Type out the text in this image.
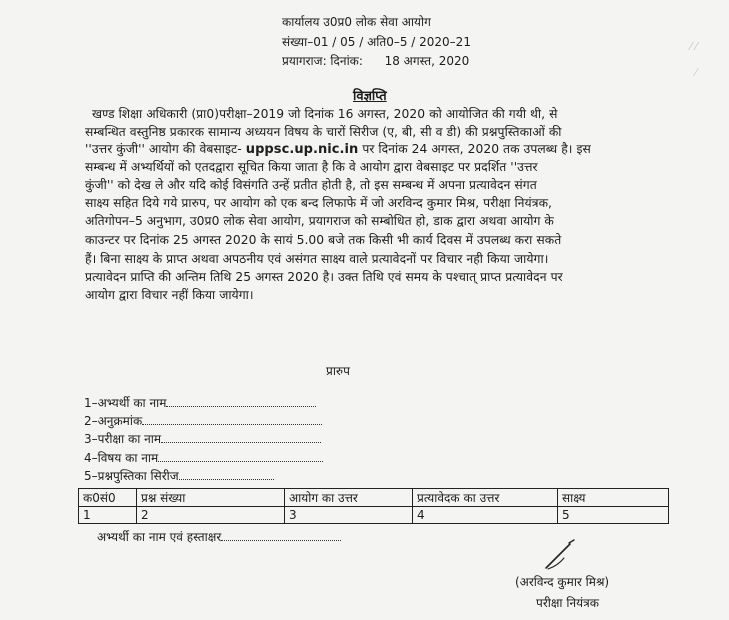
कार्यालय उ0प्र0 लोक सेवा आयोग
संख्या–01 / 05 / अति0–5 / 2020–21
प्रयागराज: दिनांक: 18 अगस्त, 2020
⁄ ⁄
⁄
विज्ञप्ति
खण्ड शिक्षा अधिकारी (प्रा0)परीक्षा–2019 जो दिनांक 16 अगस्त, 2020 को आयोजित की गयी थी, से
सम्बन्धित वस्तुनिष्ठ प्रकारक सामान्य अध्ययन विषय के चारों सिरीज (ए, बी, सी व डी) की प्रश्नपुस्तिकाओं की
''उत्तर कुंजी'' आयोग की वेबसाइट- uppsc.up.nic.in पर दिनांक 24 अगस्त, 2020 तक उपलब्ध है। इस
सम्बन्ध में अभ्यर्थियों को एतदद्वारा सूचित किया जाता है कि वे आयोग द्वारा वेबसाइट पर प्रदर्शित ''उत्तर
कुंजी'' को देख ले और यदि कोई विसंगति उन्हें प्रतीत होती है, तो इस सम्बन्ध में अपना प्रत्यावेदन संगत
साक्ष्य सहित दिये गये प्रारुप, पर आयोग को एक बन्द लिफाफे में जो अरविन्द कुमार मिश्र, परीक्षा नियंत्रक,
अतिगोपन–5 अनुभाग, उ0प्र0 लोक सेवा आयोग, प्रयागराज को सम्बोधित हो, डाक द्वारा अथवा आयोग के
काउन्टर पर दिनांक 25 अगस्त 2020 के सायं 5.00 बजे तक किसी भी कार्य दिवस में उपलब्ध करा सकते
हैं। बिना साक्ष्य के प्राप्त अथवा अपठनीय एवं असंगत साक्ष्य वाले प्रत्यावेदनों पर विचार नही किया जायेगा।
प्रत्यावेदन प्राप्ति की अन्तिम तिथि 25 अगस्त 2020 है। उक्त तिथि एवं समय के पश्चात् प्राप्त प्रत्यावेदन पर
आयोग द्वारा विचार नहीं किया जायेगा।
प्रारुप
1–अभ्यर्थी का नाम
2–अनुक्रमांक
3–परीक्षा का नाम
4–विषय का नाम
5–प्रश्नपुस्तिका सिरीज
क0सं0	प्रश्न संख्या	आयोग का उत्तर	प्रत्यावेदक का उत्तर	साक्ष्य
1	2	3	4	5
अभ्यर्थी का नाम एवं हस्ताक्षर
(अरविन्द कुमार मिश्र)
परीक्षा नियंत्रक
